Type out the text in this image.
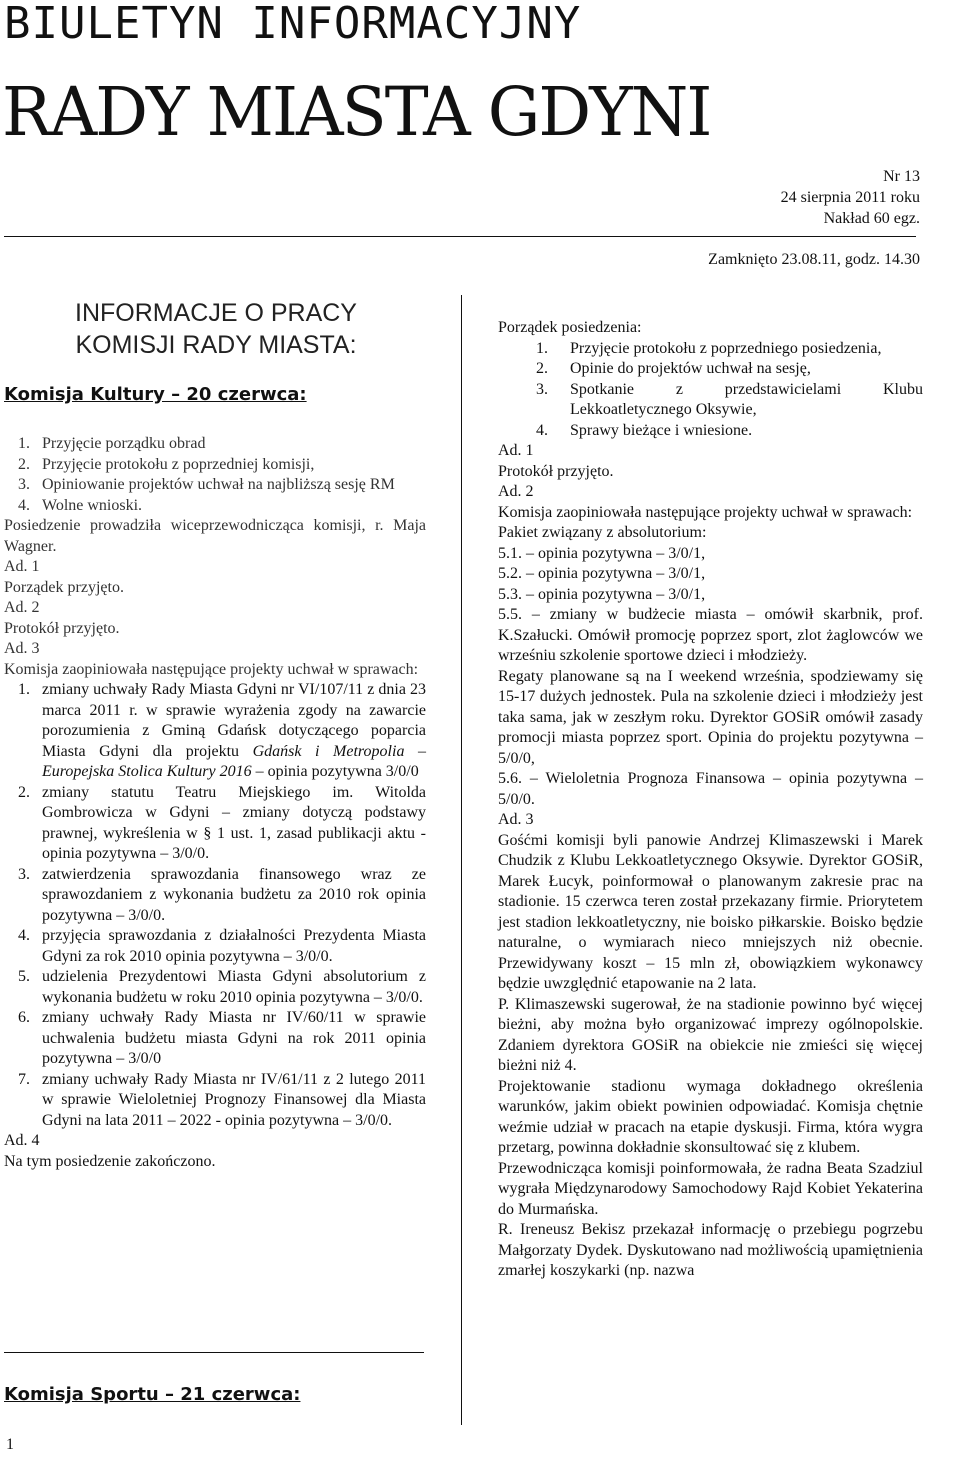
BIULETYN INFORMACYJNY
RADY MIASTA GDYNI
Nr 13
24 sierpnia 2011 roku
Nakład 60 egz.
Zamknięto 23.08.11, godz. 14.30
INFORMACJE O PRACY
KOMISJI RADY MIASTA:
Komisja Kultury – 20 czerwca:
1. Przyjęcie porządku obrad
2. Przyjęcie protokołu z poprzedniej komisji,
3. Opiniowanie projektów uchwał na najbliższą sesję RM
4. Wolne wnioski.

Posiedzenie prowadziła wiceprzewodnicząca komisji, r. Maja Wagner.

Ad. 1

Porządek przyjęto.

Ad. 2

Protokół przyjęto.

Ad. 3

Komisja zaopiniowała następujące projekty uchwał w sprawach:

1. zmiany uchwały Rady Miasta Gdyni nr VI/107/11 z dnia 23 marca 2011 r. w sprawie wyrażenia zgody na zawarcie porozumienia z Gminą Gdańsk dotyczącego poparcia Miasta Gdyni dla projektu Gdańsk i Metropolia – Europejska Stolica Kultury 2016 – opinia pozytywna 3/0/0
2. zmiany statutu Teatru Miejskiego im. Witolda Gombrowicza w Gdyni – zmiany dotyczą podstawy prawnej, wykreślenia w § 1 ust. 1, zasad publikacji aktu - opinia pozytywna – 3/0/0.
3. zatwierdzenia sprawozdania finansowego wraz ze sprawozdaniem z wykonania budżetu za 2010 rok opinia pozytywna – 3/0/0.
4. przyjęcia sprawozdania z działalności Prezydenta Miasta Gdyni za rok 2010 opinia pozytywna – 3/0/0.
5. udzielenia Prezydentowi Miasta Gdyni absolutorium z wykonania budżetu w roku 2010 opinia pozytywna – 3/0/0.
6. zmiany uchwały Rady Miasta nr IV/60/11 w sprawie uchwalenia budżetu miasta Gdyni na rok 2011 opinia pozytywna – 3/0/0
7. zmiany uchwały Rady Miasta nr IV/61/11 z 2 lutego 2011 w sprawie Wieloletniej Prognozy Finansowej dla Miasta Gdyni na lata 2011 – 2022 - opinia pozytywna – 3/0/0.

Ad. 4

Na tym posiedzenie zakończono.

Komisja Sportu – 21 czerwca:

Porządek posiedzenia:

1. Przyjęcie protokołu z poprzedniego posiedzenia,
2. Opinie do projektów uchwał na sesję,
3. Spotkanie z przedstawicielami Klubu Lekkoatletycznego Oksywie,
4. Sprawy bieżące i wniesione.

Ad. 1

Protokół przyjęto.

Ad. 2

Komisja zaopiniowała następujące projekty uchwał w sprawach:

Pakiet związany z absolutorium:

5.1. – opinia pozytywna – 3/0/1,

5.2. – opinia pozytywna – 3/0/1,

5.3. – opinia pozytywna – 3/0/1,

5.5. – zmiany w budżecie miasta – omówił skarbnik, prof. K.Szałucki. Omówił promocję poprzez sport, zlot żaglowców we wrześniu szkolenie sportowe dzieci i młodzieży.

Regaty planowane są na I weekend września, spodziewamy się 15-17 dużych jednostek. Pula na szkolenie dzieci i młodzieży jest taka sama, jak w zeszłym roku. Dyrektor GOSiR omówił zasady promocji miasta poprzez sport. Opinia do projektu pozytywna – 5/0/0,

5.6. – Wieloletnia Prognoza Finansowa – opinia pozytywna – 5/0/0.

Ad. 3

Gośćmi komisji byli panowie Andrzej Klimaszewski i Marek Chudzik z Klubu Lekkoatletycznego Oksywie. Dyrektor GOSiR, Marek Łucyk, poinformował o planowanym zakresie prac na stadionie. 15 czerwca teren został przekazany firmie. Priorytetem jest stadion lekkoatletyczny, nie boisko piłkarskie. Boisko będzie naturalne, o wymiarach nieco mniejszych niż obecnie. Przewidywany koszt – 15 mln zł, obowiązkiem wykonawcy będzie uwzględnić etapowanie na 2 lata.

P. Klimaszewski sugerował, że na stadionie powinno być więcej bieżni, aby można było organizować imprezy ogólnopolskie. Zdaniem dyrektora GOSiR na obiekcie nie zmieści się więcej bieżni niż 4.

Projektowanie stadionu wymaga dokładnego określenia warunków, jakim obiekt powinien odpowiadać. Komisja chętnie weźmie udział w pracach na etapie dyskusji. Firma, która wygra przetarg, powinna dokładnie skonsultować się z klubem.

Przewodnicząca komisji poinformowała, że radna Beata Szadziul wygrała Międzynarodowy Samochodowy Rajd Kobiet Yekaterina do Murmańska.

R. Ireneusz Bekisz przekazał informację o przebiegu pogrzebu Małgorzaty Dydek. Dyskutowano nad możliwością upamiętnienia zmarłej koszykarki (np. nazwa

1
